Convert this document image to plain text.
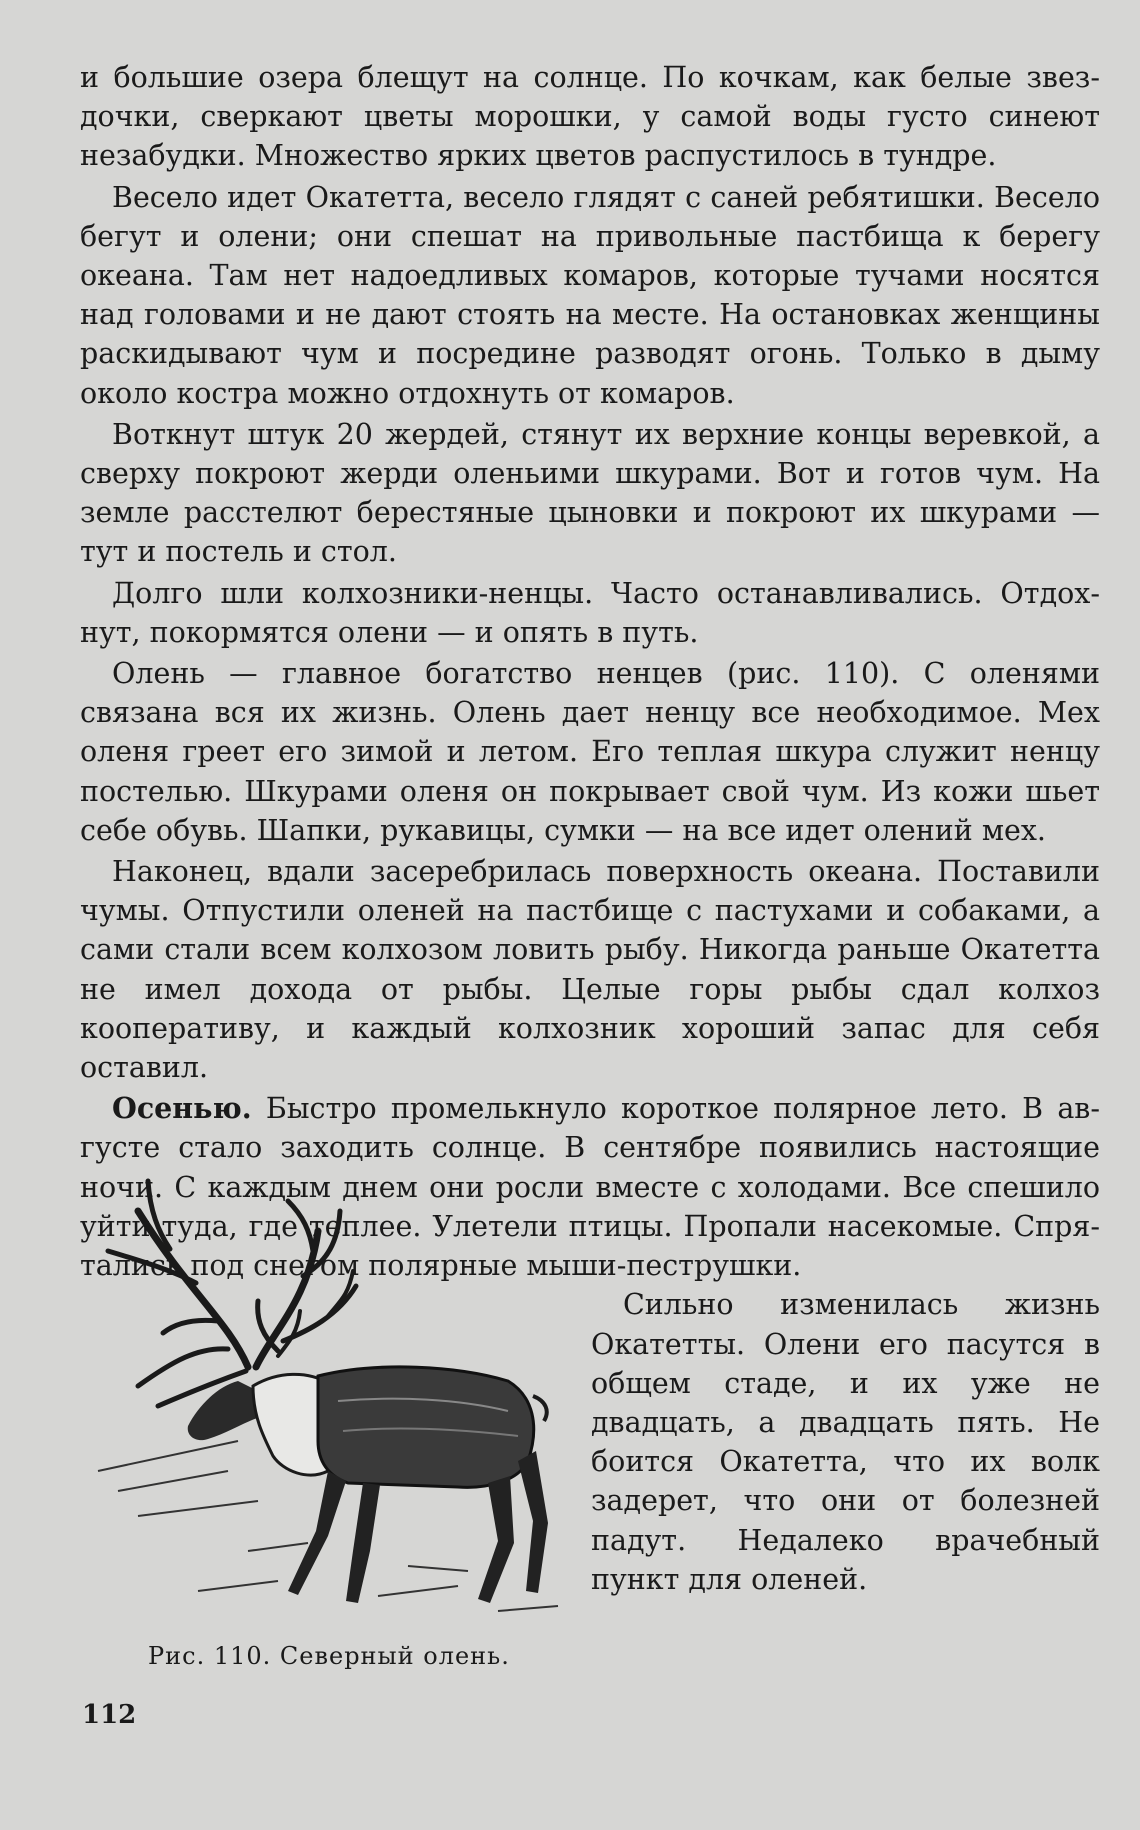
и большие озера блещут на солнце. По кочкам, как белые звездочки, сверкают цветы морошки, у самой воды густо синеют незабудки. Множество ярких цветов распустилось в тундре.

Весело идет Окатетта, весело глядят с саней ребятишки. Весело бегут и олени; они спешат на привольные пастбища к берегу океана. Там нет надоедливых комаров, которые тучами носятся над головами и не дают стоять на месте. На остановках женщины раскидывают чум и посредине разводят огонь. Только в дыму около костра можно отдохнуть от комаров.

Воткнут штук 20 жердей, стянут их верхние концы веревкой, а сверху покроют жерди оленьими шкурами. Вот и готов чум. На земле расстелют берестяные цыновки и покроют их шкурами — тут и постель и стол.

Долго шли колхозники-ненцы. Часто останавливались. Отдохнут, покормятся олени — и опять в путь.

Олень — главное богатство ненцев (рис. 110). С оленями связана вся их жизнь. Олень дает ненцу все необходимое. Мех оленя греет его зимой и летом. Его теплая шкура служит ненцу постелью. Шкурами оленя он покрывает свой чум. Из кожи шьет себе обувь. Шапки, рукавицы, сумки — на все идет олений мех.

Наконец, вдали засеребрилась поверхность океана. Поставили чумы. Отпустили оленей на пастбище с пастухами и собаками, а сами стали всем колхозом ловить рыбу. Никогда раньше Окатетта не имел дохода от рыбы. Целые горы рыбы сдал колхоз кооперативу, и каждый колхозник хороший запас для себя оставил.

Осенью. Быстро промелькнуло короткое полярное лето. В августе стало заходить солнце. В сентябре появились настоящие ночи. С каждым днем они росли вместе с холодами. Все спешило уйти туда, где теплее. Улетели птицы. Пропали насекомые. Спрятались под снегом полярные мыши-пеструшки.

Рис. 110. Северный олень.

Сильно изменилась жизнь Окатетты. Олени его пасутся в общем стаде, и их уже не двадцать, а двадцать пять. Не боится Окатетта, что их волк задерет, что они от болезней падут. Недалеко врачебный пункт для оленей.

112
